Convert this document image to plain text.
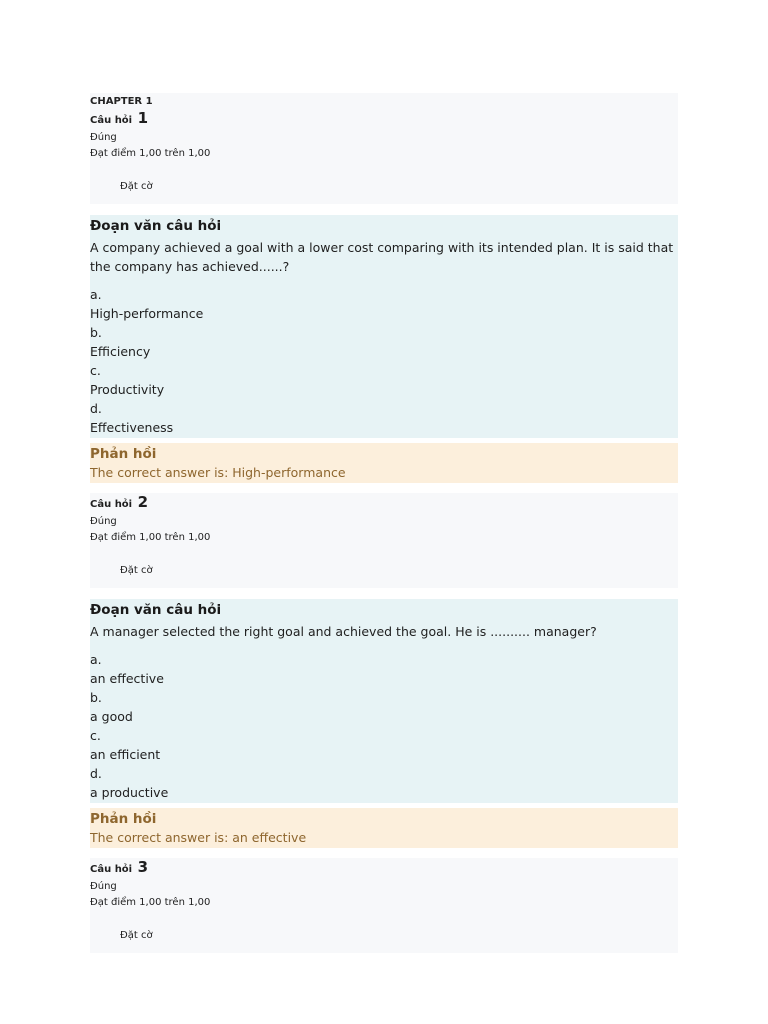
CHAPTER 1

Câu hỏi 1

Đúng

Đạt điểm 1,00 trên 1,00

Đặt cờ

Đoạn văn câu hỏi

A company achieved a goal with a lower cost comparing with its intended plan. It is said that the company has achieved......?

a.
High-performance
b.
Efficiency
c.
Productivity
d.
Effectiveness

Phản hồi

The correct answer is: High-performance

Câu hỏi 2

Đúng

Đạt điểm 1,00 trên 1,00

Đặt cờ

Đoạn văn câu hỏi

A manager selected the right goal and achieved the goal. He is .......... manager?

a.
an effective
b.
a good
c.
an efficient
d.
a productive

Phản hồi

The correct answer is: an effective

Câu hỏi 3

Đúng

Đạt điểm 1,00 trên 1,00

Đặt cờ
